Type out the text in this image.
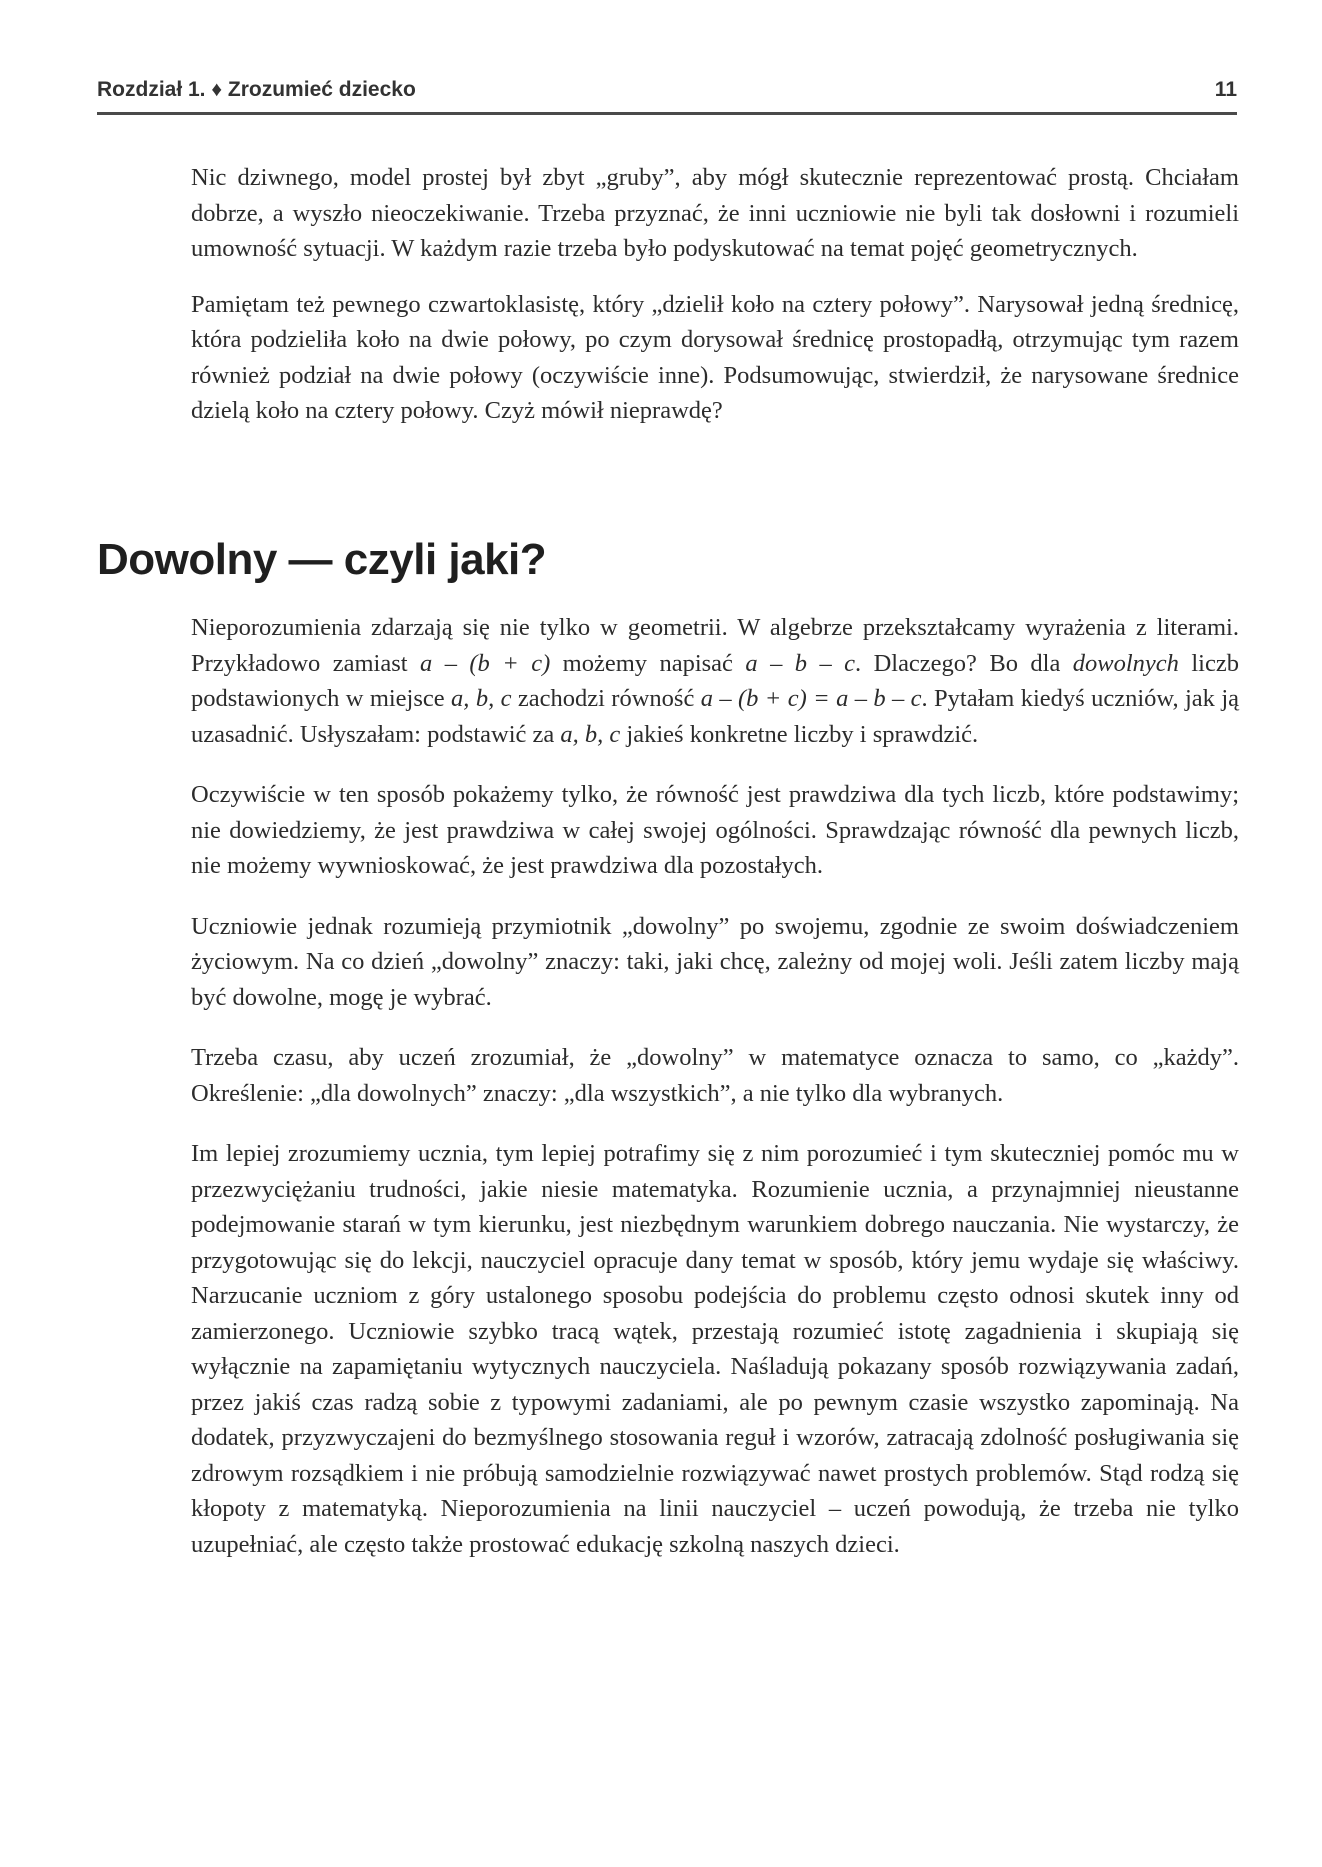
Rozdział 1. ♦ Zrozumieć dziecko	11

Nic dziwnego, model prostej był zbyt „gruby”, aby mógł skutecznie reprezentować prostą. Chciałam dobrze, a wyszło nieoczekiwanie. Trzeba przyznać, że inni uczniowie nie byli tak dosłowni i rozumieli umowność sytuacji. W każdym razie trzeba było podyskutować na temat pojęć geometrycznych.

Pamiętam też pewnego czwartoklasistę, który „dzielił koło na cztery połowy”. Narysował jedną średnicę, która podzieliła koło na dwie połowy, po czym dorysował średnicę prostopadłą, otrzymując tym razem również podział na dwie połowy (oczywiście inne). Podsumowując, stwierdził, że narysowane średnice dzielą koło na cztery połowy. Czyż mówił nieprawdę?

Dowolny — czyli jaki?

Nieporozumienia zdarzają się nie tylko w geometrii. W algebrze przekształcamy wyrażenia z literami. Przykładowo zamiast a – (b + c) możemy napisać a – b – c. Dlaczego? Bo dla dowolnych liczb podstawionych w miejsce a, b, c zachodzi równość a – (b + c) = a – b – c. Pytałam kiedyś uczniów, jak ją uzasadnić. Usłyszałam: podstawić za a, b, c jakieś konkretne liczby i sprawdzić.

Oczywiście w ten sposób pokażemy tylko, że równość jest prawdziwa dla tych liczb, które podstawimy; nie dowiedziemy, że jest prawdziwa w całej swojej ogólności. Sprawdzając równość dla pewnych liczb, nie możemy wywnioskować, że jest prawdziwa dla pozostałych.

Uczniowie jednak rozumieją przymiotnik „dowolny” po swojemu, zgodnie ze swoim doświadczeniem życiowym. Na co dzień „dowolny” znaczy: taki, jaki chcę, zależny od mojej woli. Jeśli zatem liczby mają być dowolne, mogę je wybrać.

Trzeba czasu, aby uczeń zrozumiał, że „dowolny” w matematyce oznacza to samo, co „każdy”. Określenie: „dla dowolnych” znaczy: „dla wszystkich”, a nie tylko dla wybranych.

Im lepiej zrozumiemy ucznia, tym lepiej potrafimy się z nim porozumieć i tym skuteczniej pomóc mu w przezwyciężaniu trudności, jakie niesie matematyka. Rozumienie ucznia, a przynajmniej nieustanne podejmowanie starań w tym kierunku, jest niezbędnym warunkiem dobrego nauczania. Nie wystarczy, że przygotowując się do lekcji, nauczyciel opracuje dany temat w sposób, który jemu wydaje się właściwy. Narzucanie uczniom z góry ustalonego sposobu podejścia do problemu często odnosi skutek inny od zamierzonego. Uczniowie szybko tracą wątek, przestają rozumieć istotę zagadnienia i skupiają się wyłącznie na zapamiętaniu wytycznych nauczyciela. Naśladują pokazany sposób rozwiązywania zadań, przez jakiś czas radzą sobie z typowymi zadaniami, ale po pewnym czasie wszystko zapominają. Na dodatek, przyzwyczajeni do bezmyślnego stosowania reguł i wzorów, zatracają zdolność posługiwania się zdrowym rozsądkiem i nie próbują samodzielnie rozwiązywać nawet prostych problemów. Stąd rodzą się kłopoty z matematyką. Nieporozumienia na linii nauczyciel – uczeń powodują, że trzeba nie tylko uzupełniać, ale często także prostować edukację szkolną naszych dzieci.
